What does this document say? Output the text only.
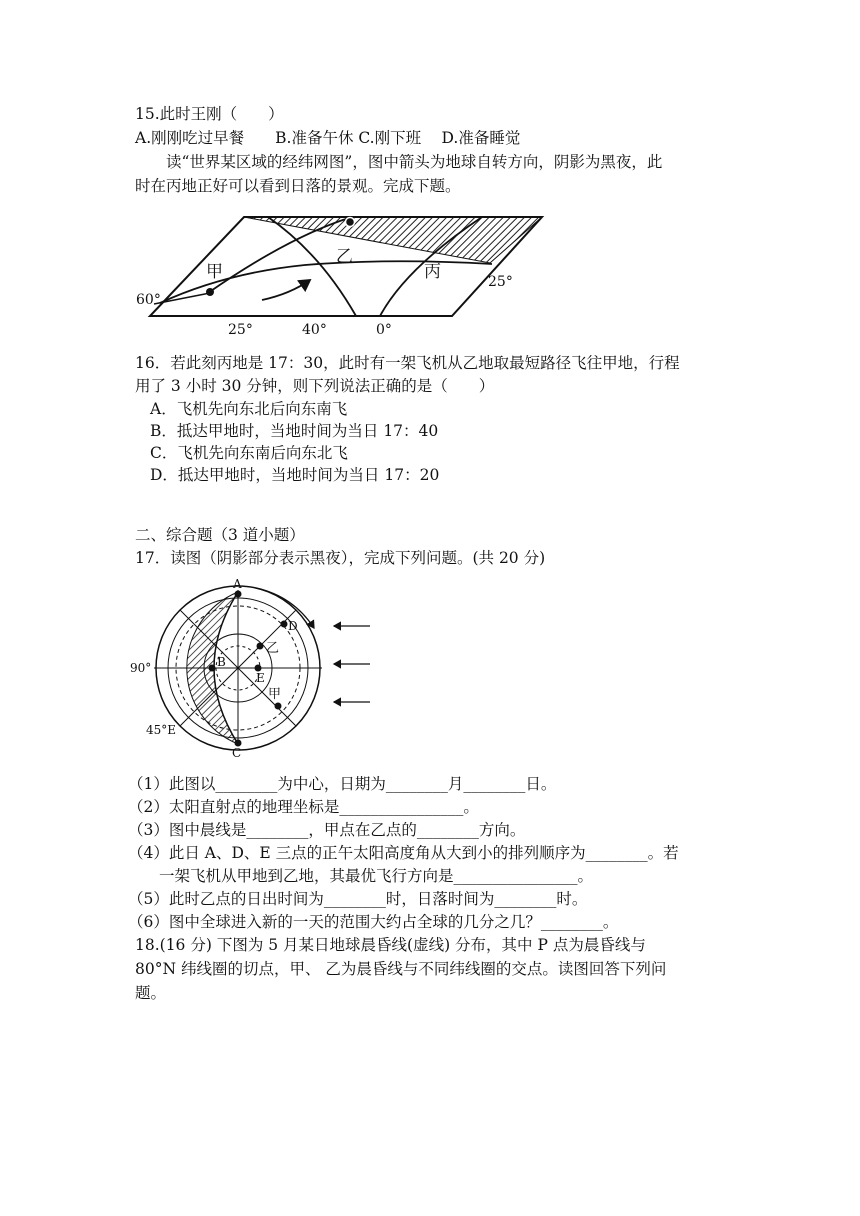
15.此时王刚（　　）
A.刚刚吃过早餐　　B.准备午休 C.刚下班　 D.准备睡觉
　　读“世界某区域的经纬网图”，图中箭头为地球自转方向，阴影为黑夜，此
时在丙地正好可以看到日落的景观。完成下题。
甲
乙
丙
60°
25°
25°	40°	0°
16．若此刻丙地是 17：30，此时有一架飞机从乙地取最短路径飞往甲地，行程
用了 3 小时 30 分钟，则下列说法正确的是（　　）
A．飞机先向东北后向东南飞
B．抵达甲地时，当地时间为当日 17：40
C．飞机先向东南后向东北飞
D．抵达甲地时，当地时间为当日 17：20
二、综合题（3 道小题）
17．读图（阴影部分表示黑夜），完成下列问题。(共 20 分)
A
C
D
B
E
乙
甲
90°
45°E
（1）此图以________为中心，日期为________月________日。
（2）太阳直射点的地理坐标是________________。
（3）图中晨线是________，甲点在乙点的________方向。
（4）此日 A、D、E 三点的正午太阳高度角从大到小的排列顺序为________。若
　　一架飞机从甲地到乙地，其最优飞行方向是________________。
（5）此时乙点的日出时间为________时，日落时间为________时。
（6）图中全球进入新的一天的范围大约占全球的几分之几？________。
18.(16 分) 下图为 5 月某日地球晨昏线(虚线) 分布，其中 P 点为晨昏线与
80°N 纬线圈的切点，甲、 乙为晨昏线与不同纬线圈的交点。读图回答下列问
题。
